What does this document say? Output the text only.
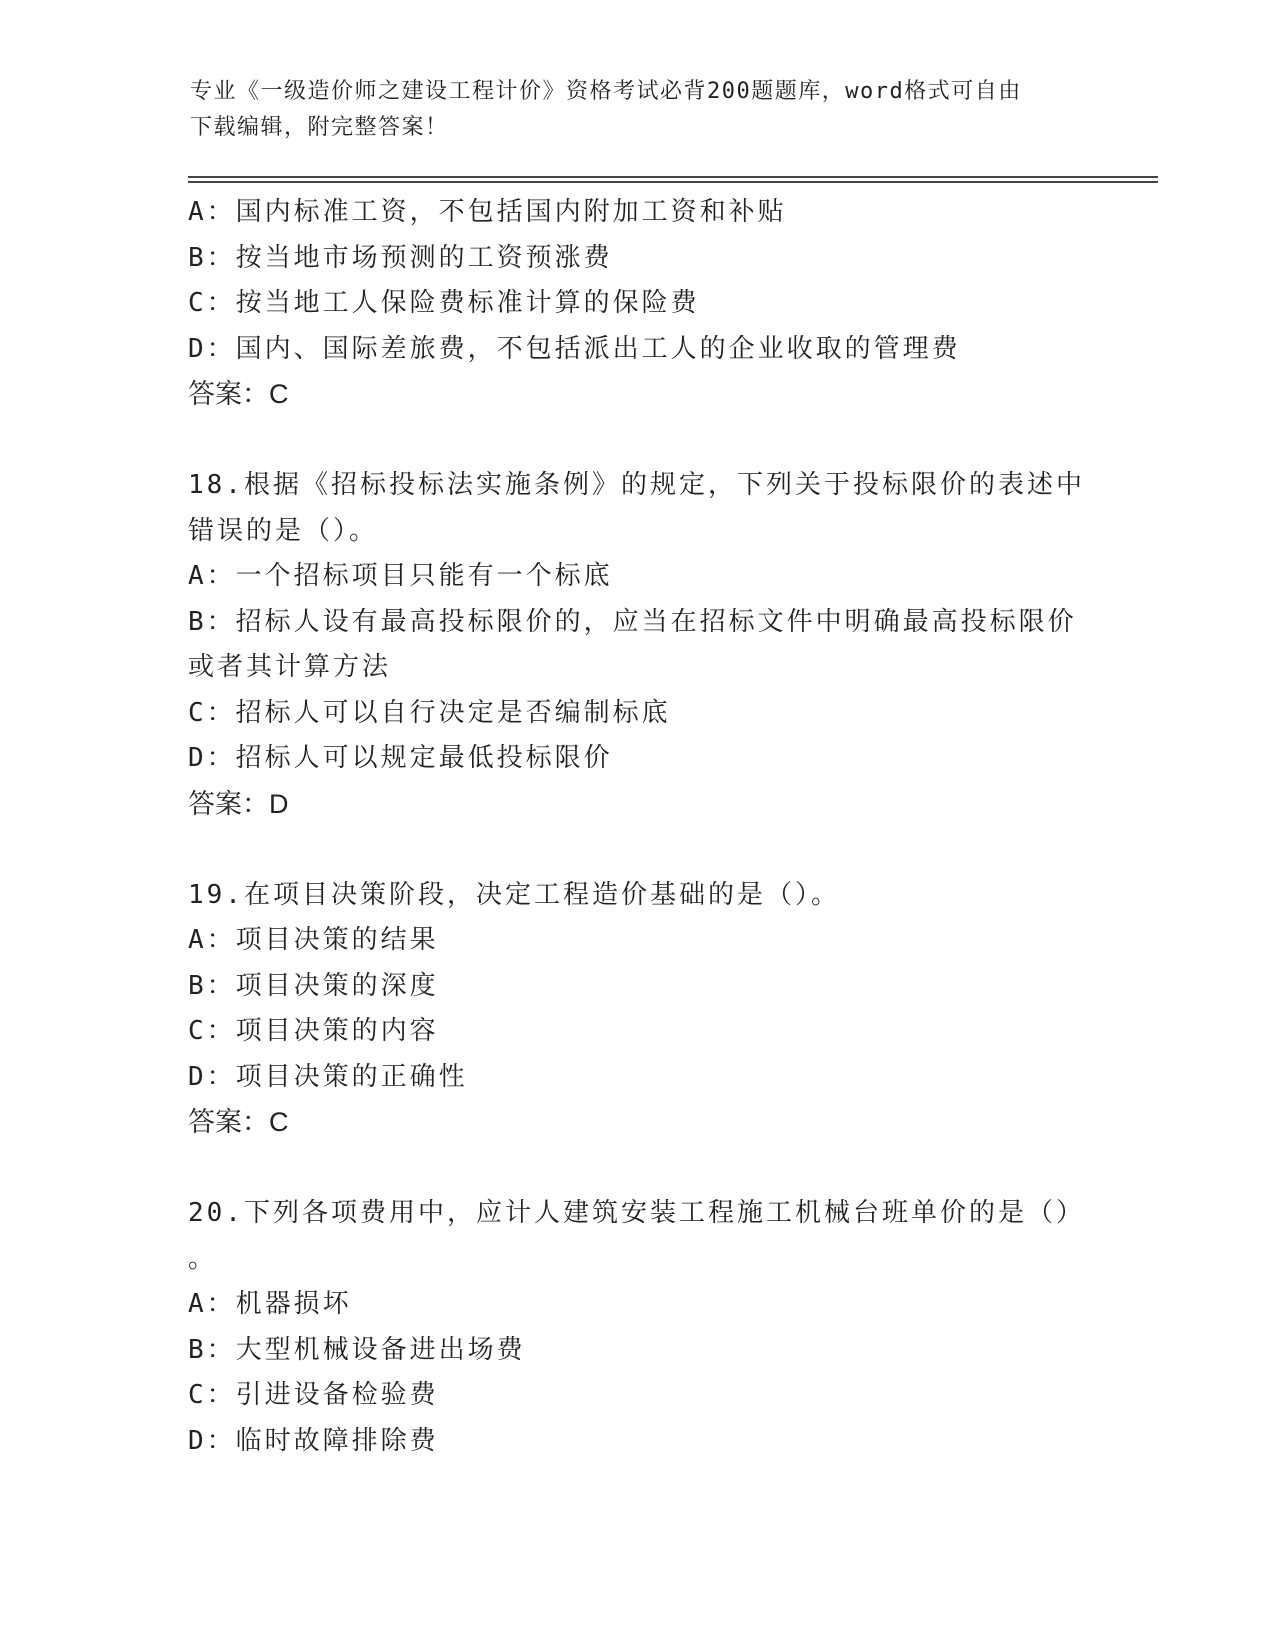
专业《一级造价师之建设工程计价》资格考试必背200题题库，word格式可自由
下载编辑，附完整答案！
A：国内标准工资，不包括国内附加工资和补贴
B：按当地市场预测的工资预涨费
C：按当地工人保险费标准计算的保险费
D：国内、国际差旅费，不包括派出工人的企业收取的管理费
答案：C
18.根据《招标投标法实施条例》的规定，下列关于投标限价的表述中
错误的是（）。
A：一个招标项目只能有一个标底
B：招标人设有最高投标限价的，应当在招标文件中明确最高投标限价
或者其计算方法
C：招标人可以自行决定是否编制标底
D：招标人可以规定最低投标限价
答案：D
19.在项目决策阶段，决定工程造价基础的是（）。
A：项目决策的结果
B：项目决策的深度
C：项目决策的内容
D：项目决策的正确性
答案：C
20.下列各项费用中，应计人建筑安装工程施工机械台班单价的是（）
。
A：机器损坏
B：大型机械设备进出场费
C：引进设备检验费
D：临时故障排除费
